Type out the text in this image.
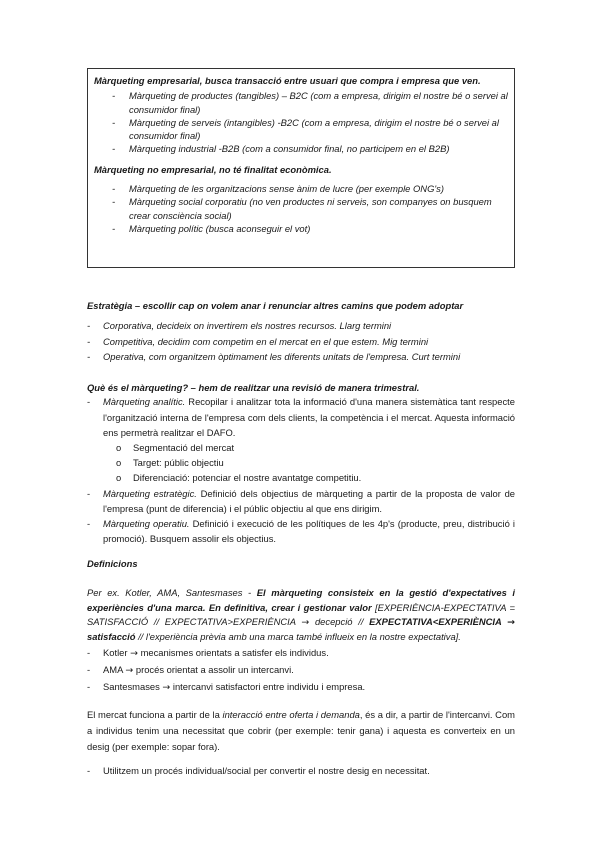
Màrqueting empresarial, busca transacció entre usuari que compra i empresa que ven.

- Màrqueting de productes (tangibles) – B2C (com a empresa, dirigim el nostre bé o servei al consumidor final)
- Màrqueting de serveis (intangibles) -B2C (com a empresa, dirigim el nostre bé o servei al consumidor final)
- Màrqueting industrial -B2B (com a consumidor final, no participem en el B2B)

Màrqueting no empresarial, no té finalitat econòmica.

- Màrqueting de les organitzacions sense ànim de lucre (per exemple ONG's)
- Màrqueting social corporatiu (no ven productes ni serveis, son companyes on busquem crear consciència social)
- Màrqueting polític (busca aconseguir el vot)

Estratègia – escollir cap on volem anar i renunciar altres camins que podem adoptar

- Corporativa, decideix on invertirem els nostres recursos. Llarg termini
- Competitiva, decidim com competim en el mercat en el que estem. Mig termini
- Operativa, com organitzem òptimament les diferents unitats de l'empresa. Curt termini

Què és el màrqueting? – hem de realitzar una revisió de manera trimestral.

- Màrqueting analític. Recopilar i analitzar tota la informació d'una manera sistemàtica tant respecte l'organització interna de l'empresa com dels clients, la competència i el mercat. Aquesta informació ens permetrà realitzar el DAFO.
o Segmentació del mercat
o Target: públic objectiu
o Diferenciació: potenciar el nostre avantatge competitiu.
- Màrqueting estratègic. Definició dels objectius de màrqueting a partir de la proposta de valor de l'empresa (punt de diferencia) i el públic objectiu al que ens dirigim.
- Màrqueting operatiu. Definició i execució de les polítiques de les 4p's (producte, preu, distribució i promoció). Busquem assolir els objectius.

Definicions

Per ex. Kotler, AMA, Santesmases - El màrqueting consisteix en la gestió d'expectatives i experiències d'una marca. En definitiva, crear i gestionar valor [EXPERIÈNCIA-EXPECTATIVA = SATISFACCIÓ // EXPECTATIVA>EXPERIÈNCIA → decepció // EXPECTATIVA<EXPERIÈNCIA → satisfacció // l'experiència prèvia amb una marca també influeix en la nostre expectativa].

- Kotler → mecanismes orientats a satisfer els individus.
- AMA → procés orientat a assolir un intercanvi.
- Santesmases → intercanvi satisfactori entre individu i empresa.

El mercat funciona a partir de la interacció entre oferta i demanda, és a dir, a partir de l'intercanvi. Com a individus tenim una necessitat que cobrir (per exemple: tenir gana) i aquesta es converteix en un desig (per exemple: sopar fora).

- Utilitzem un procés individual/social per convertir el nostre desig en necessitat.
